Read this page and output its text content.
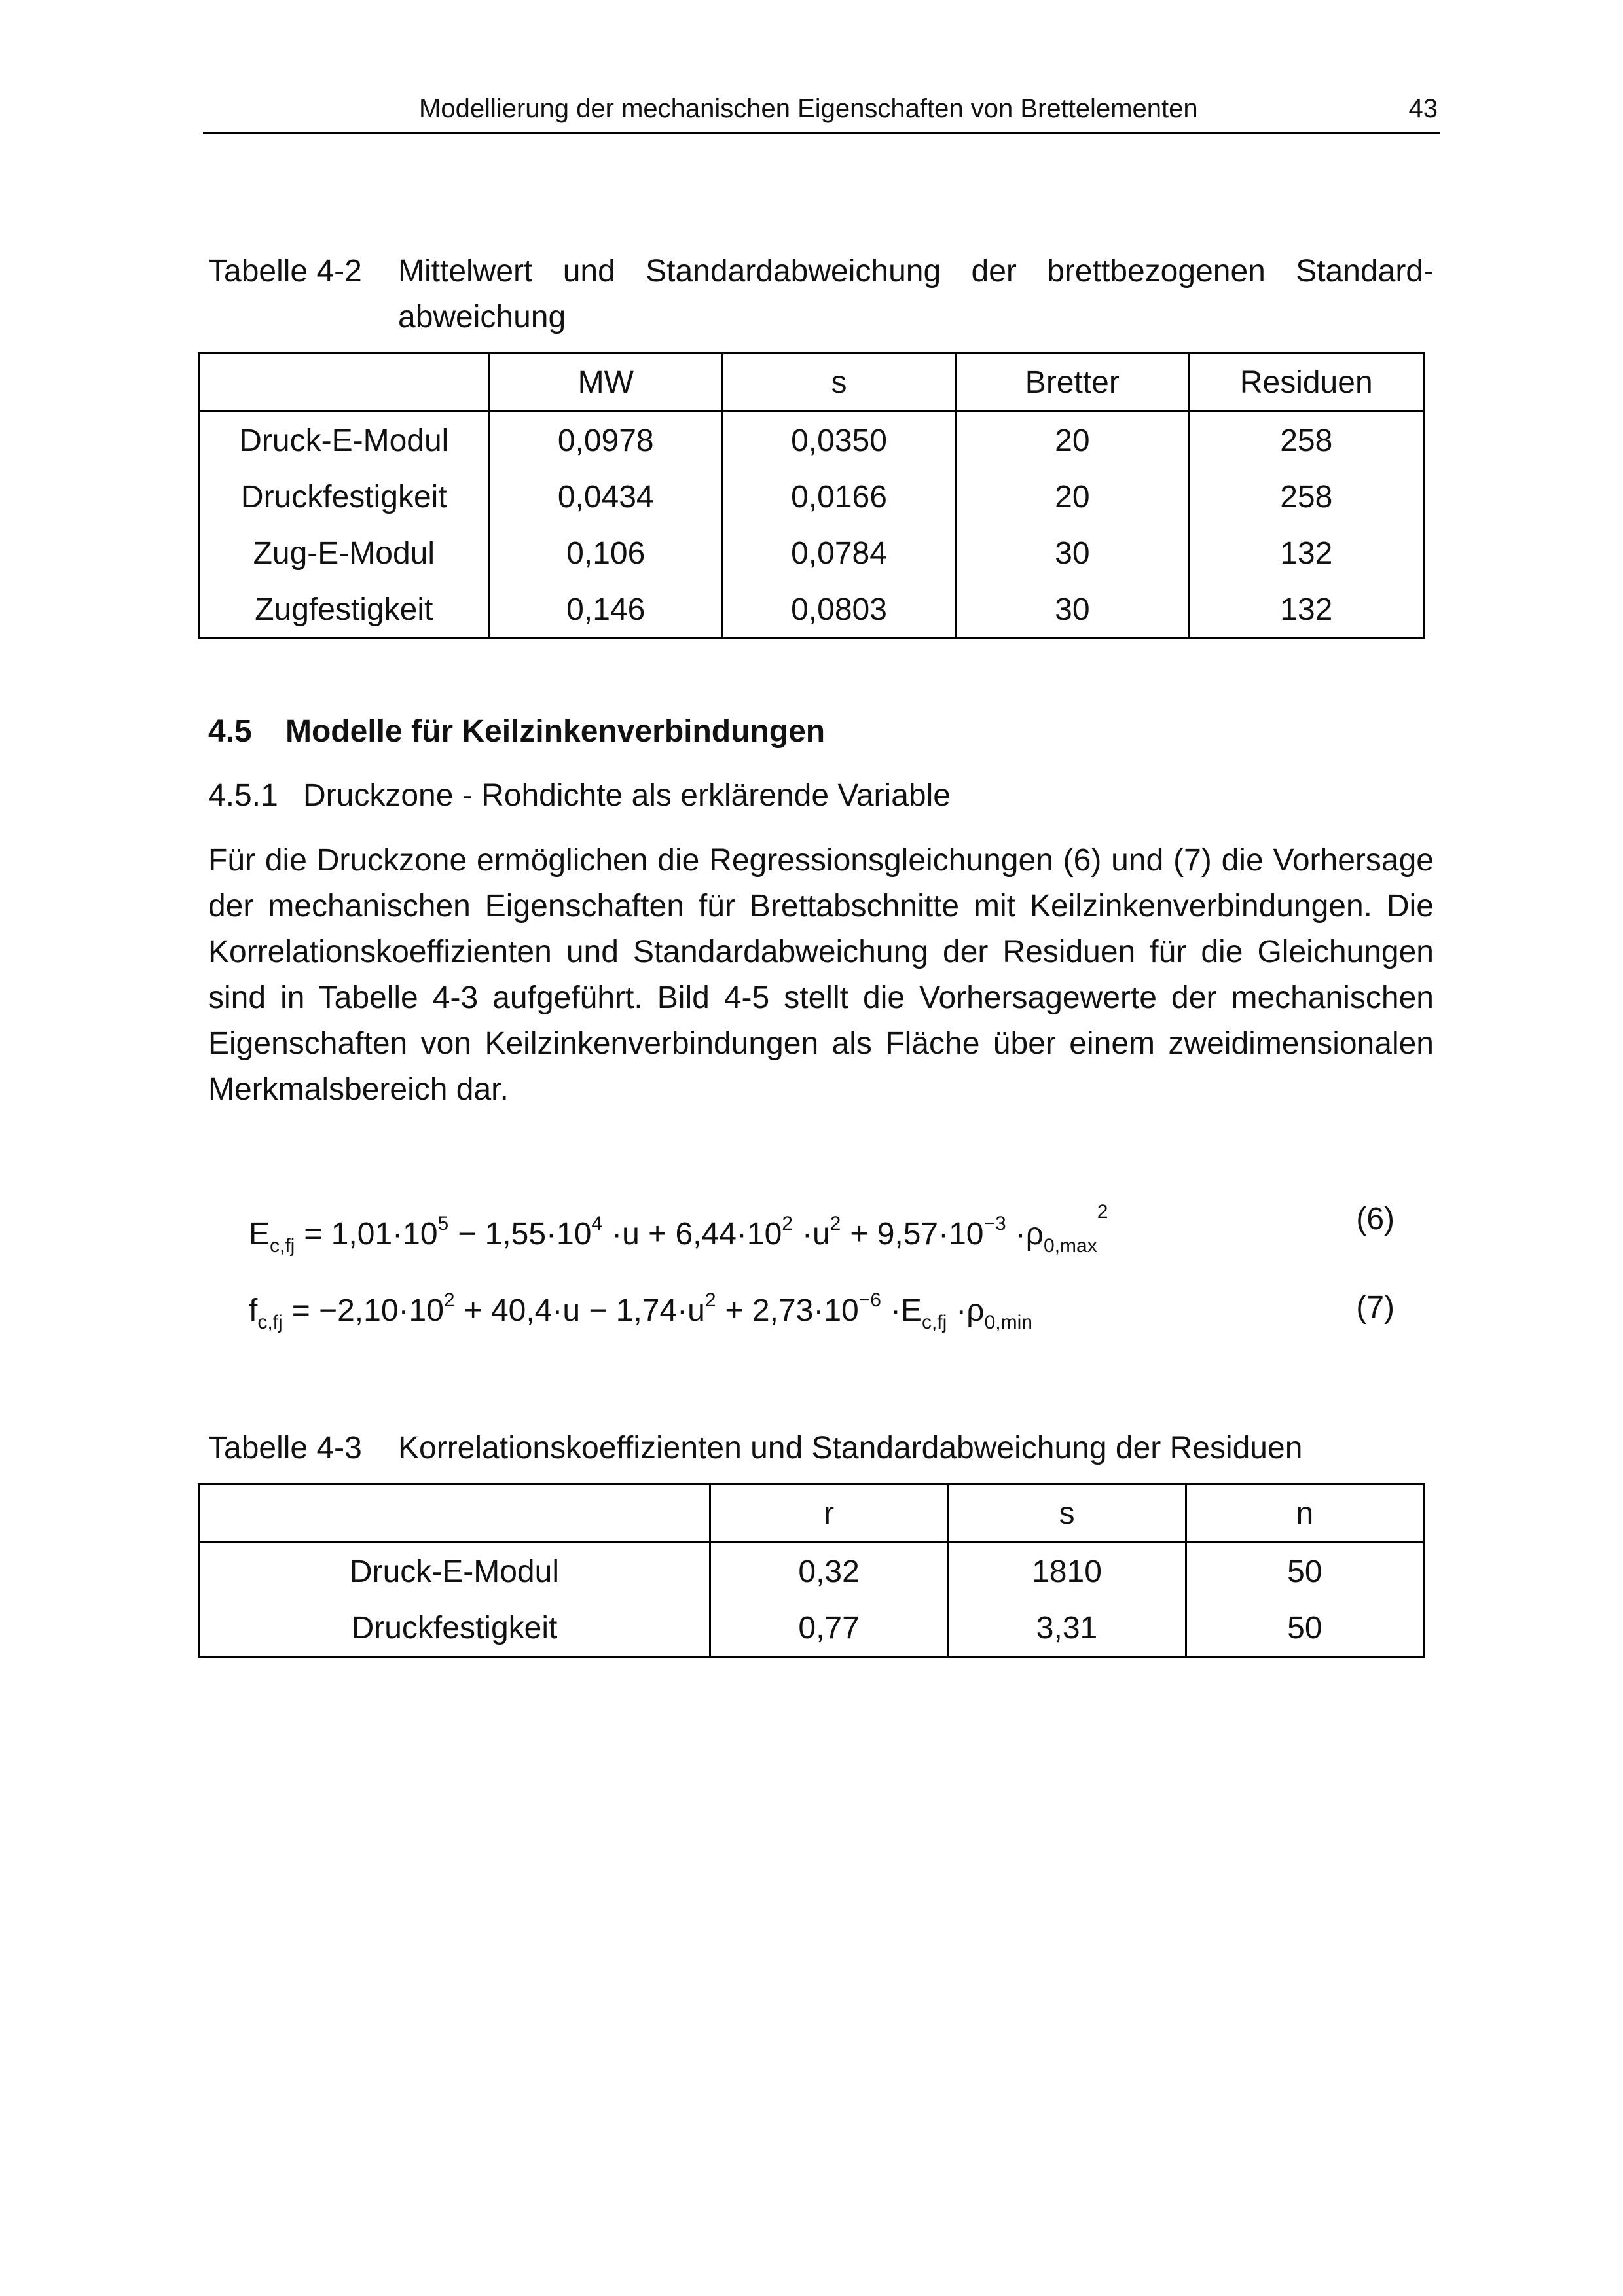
Modellierung der mechanischen Eigenschaften von Brettelementen	43
Tabelle 4-2 Mittelwert und Standardabweichung der brettbezogenen Standard-abweichung
	MW	s	Bretter	Residuen
Druck-E-Modul	0,0978	0,0350	20	258
Druckfestigkeit	0,0434	0,0166	20	258
Zug-E-Modul	0,106	0,0784	30	132
Zugfestigkeit	0,146	0,0803	30	132
4.5 Modelle für Keilzinkenverbindungen
4.5.1 Druckzone - Rohdichte als erklärende Variable
Für die Druckzone ermöglichen die Regressionsgleichungen (6) und (7) die Vorhersage der mechanischen Eigenschaften für Brettabschnitte mit Keilzinkenverbindungen. Die Korrelationskoeffizienten und Standardabweichung der Residuen für die Gleichungen sind in Tabelle 4-3 aufgeführt. Bild 4-5 stellt die Vorhersagewerte der mechanischen Eigenschaften von Keilzinkenverbindungen als Fläche über einem zweidimensionalen Merkmalsbereich dar.
$E_{c,fj} = 1,01\cdot 10^5 - 1,55\cdot 10^4 \cdot u + 6,44\cdot 10^2 \cdot u^2 + 9,57\cdot 10^{-3} \cdot\rho_{0,max}^2$	(6)
$f_{c,fj} = -2,10\cdot 10^2 + 40,4\cdot u - 1,74\cdot u^2 + 2,73\cdot 10^{-6} \cdot E_{c,fj} \cdot\rho_{0,min}$	(7)
Tabelle 4-3 Korrelationskoeffizienten und Standardabweichung der Residuen
	r	s	n
Druck-E-Modul	0,32	1810	50
Druckfestigkeit	0,77	3,31	50
